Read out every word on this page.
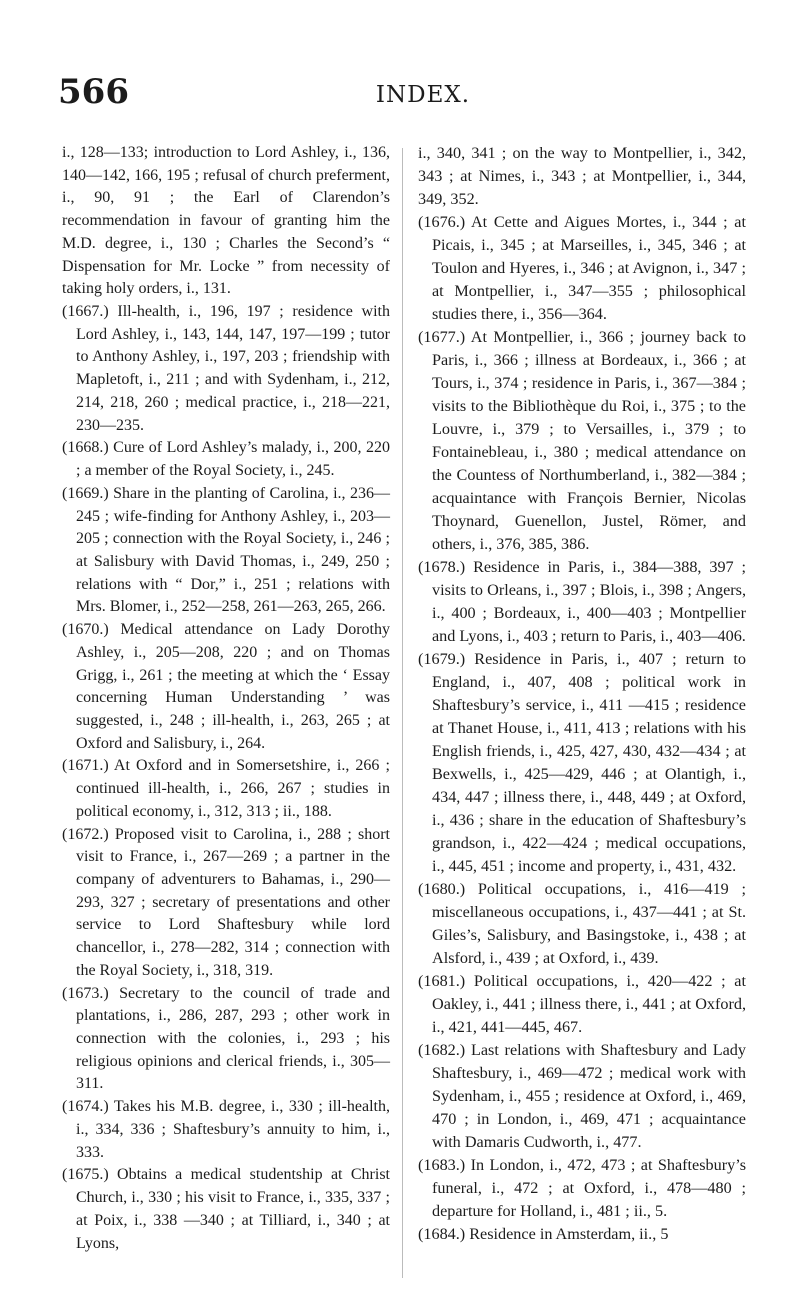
566	INDEX.

i., 128—133; introduction to Lord Ashley, i., 136, 140—142, 166, 195 ; refusal of church preferment, i., 90, 91 ; the Earl of Clarendon’s recommendation in favour of granting him the M.D. degree, i., 130 ; Charles the Second’s “ Dispensation for Mr. Locke ” from necessity of taking holy orders, i., 131.

(1667.) Ill-health, i., 196, 197 ; residence with Lord Ashley, i., 143, 144, 147, 197—199 ; tutor to Anthony Ashley, i., 197, 203 ; friendship with Mapletoft, i., 211 ; and with Sydenham, i., 212, 214, 218, 260 ; medical practice, i., 218—221, 230—235.

(1668.) Cure of Lord Ashley’s malady, i., 200, 220 ; a member of the Royal Society, i., 245.

(1669.) Share in the planting of Carolina, i., 236—245 ; wife-finding for Anthony Ashley, i., 203—205 ; connection with the Royal Society, i., 246 ; at Salisbury with David Thomas, i., 249, 250 ; relations with “ Dor,” i., 251 ; relations with Mrs. Blomer, i., 252—258, 261—263, 265, 266.

(1670.) Medical attendance on Lady Dorothy Ashley, i., 205—208, 220 ; and on Thomas Grigg, i., 261 ; the meeting at which the ‘ Essay concerning Human Understanding ’ was suggested, i., 248 ; ill-health, i., 263, 265 ; at Oxford and Salisbury, i., 264.

(1671.) At Oxford and in Somersetshire, i., 266 ; continued ill-health, i., 266, 267 ; studies in political economy, i., 312, 313 ; ii., 188.

(1672.) Proposed visit to Carolina, i., 288 ; short visit to France, i., 267—269 ; a partner in the company of adventurers to Bahamas, i., 290—293, 327 ; secretary of presentations and other service to Lord Shaftesbury while lord chancellor, i., 278—282, 314 ; connection with the Royal Society, i., 318, 319.

(1673.) Secretary to the council of trade and plantations, i., 286, 287, 293 ; other work in connection with the colonies, i., 293 ; his religious opinions and clerical friends, i., 305—311.

(1674.) Takes his M.B. degree, i., 330 ; ill-health, i., 334, 336 ; Shaftesbury’s annuity to him, i., 333.

(1675.) Obtains a medical studentship at Christ Church, i., 330 ; his visit to France, i., 335, 337 ; at Poix, i., 338 —340 ; at Tilliard, i., 340 ; at Lyons,

i., 340, 341 ; on the way to Montpellier, i., 342, 343 ; at Nimes, i., 343 ; at Montpellier, i., 344, 349, 352.

(1676.) At Cette and Aigues Mortes, i., 344 ; at Picais, i., 345 ; at Marseilles, i., 345, 346 ; at Toulon and Hyeres, i., 346 ; at Avignon, i., 347 ; at Montpellier, i., 347—355 ; philosophical studies there, i., 356—364.

(1677.) At Montpellier, i., 366 ; journey back to Paris, i., 366 ; illness at Bordeaux, i., 366 ; at Tours, i., 374 ; residence in Paris, i., 367—384 ; visits to the Bibliothèque du Roi, i., 375 ; to the Louvre, i., 379 ; to Versailles, i., 379 ; to Fontainebleau, i., 380 ; medical attendance on the Countess of Northumberland, i., 382—384 ; acquaintance with François Bernier, Nicolas Thoynard, Guenellon, Justel, Römer, and others, i., 376, 385, 386.

(1678.) Residence in Paris, i., 384—388, 397 ; visits to Orleans, i., 397 ; Blois, i., 398 ; Angers, i., 400 ; Bordeaux, i., 400—403 ; Montpellier and Lyons, i., 403 ; return to Paris, i., 403—406.

(1679.) Residence in Paris, i., 407 ; return to England, i., 407, 408 ; political work in Shaftesbury’s service, i., 411 —415 ; residence at Thanet House, i., 411, 413 ; relations with his English friends, i., 425, 427, 430, 432—434 ; at Bexwells, i., 425—429, 446 ; at Olantigh, i., 434, 447 ; illness there, i., 448, 449 ; at Oxford, i., 436 ; share in the education of Shaftesbury’s grandson, i., 422—424 ; medical occupations, i., 445, 451 ; income and property, i., 431, 432.

(1680.) Political occupations, i., 416—419 ; miscellaneous occupations, i., 437—441 ; at St. Giles’s, Salisbury, and Basingstoke, i., 438 ; at Alsford, i., 439 ; at Oxford, i., 439.

(1681.) Political occupations, i., 420—422 ; at Oakley, i., 441 ; illness there, i., 441 ; at Oxford, i., 421, 441—445, 467.

(1682.) Last relations with Shaftesbury and Lady Shaftesbury, i., 469—472 ; medical work with Sydenham, i., 455 ; residence at Oxford, i., 469, 470 ; in London, i., 469, 471 ; acquaintance with Damaris Cudworth, i., 477.

(1683.) In London, i., 472, 473 ; at Shaftesbury’s funeral, i., 472 ; at Oxford, i., 478—480 ; departure for Holland, i., 481 ; ii., 5.

(1684.) Residence in Amsterdam, ii., 5
